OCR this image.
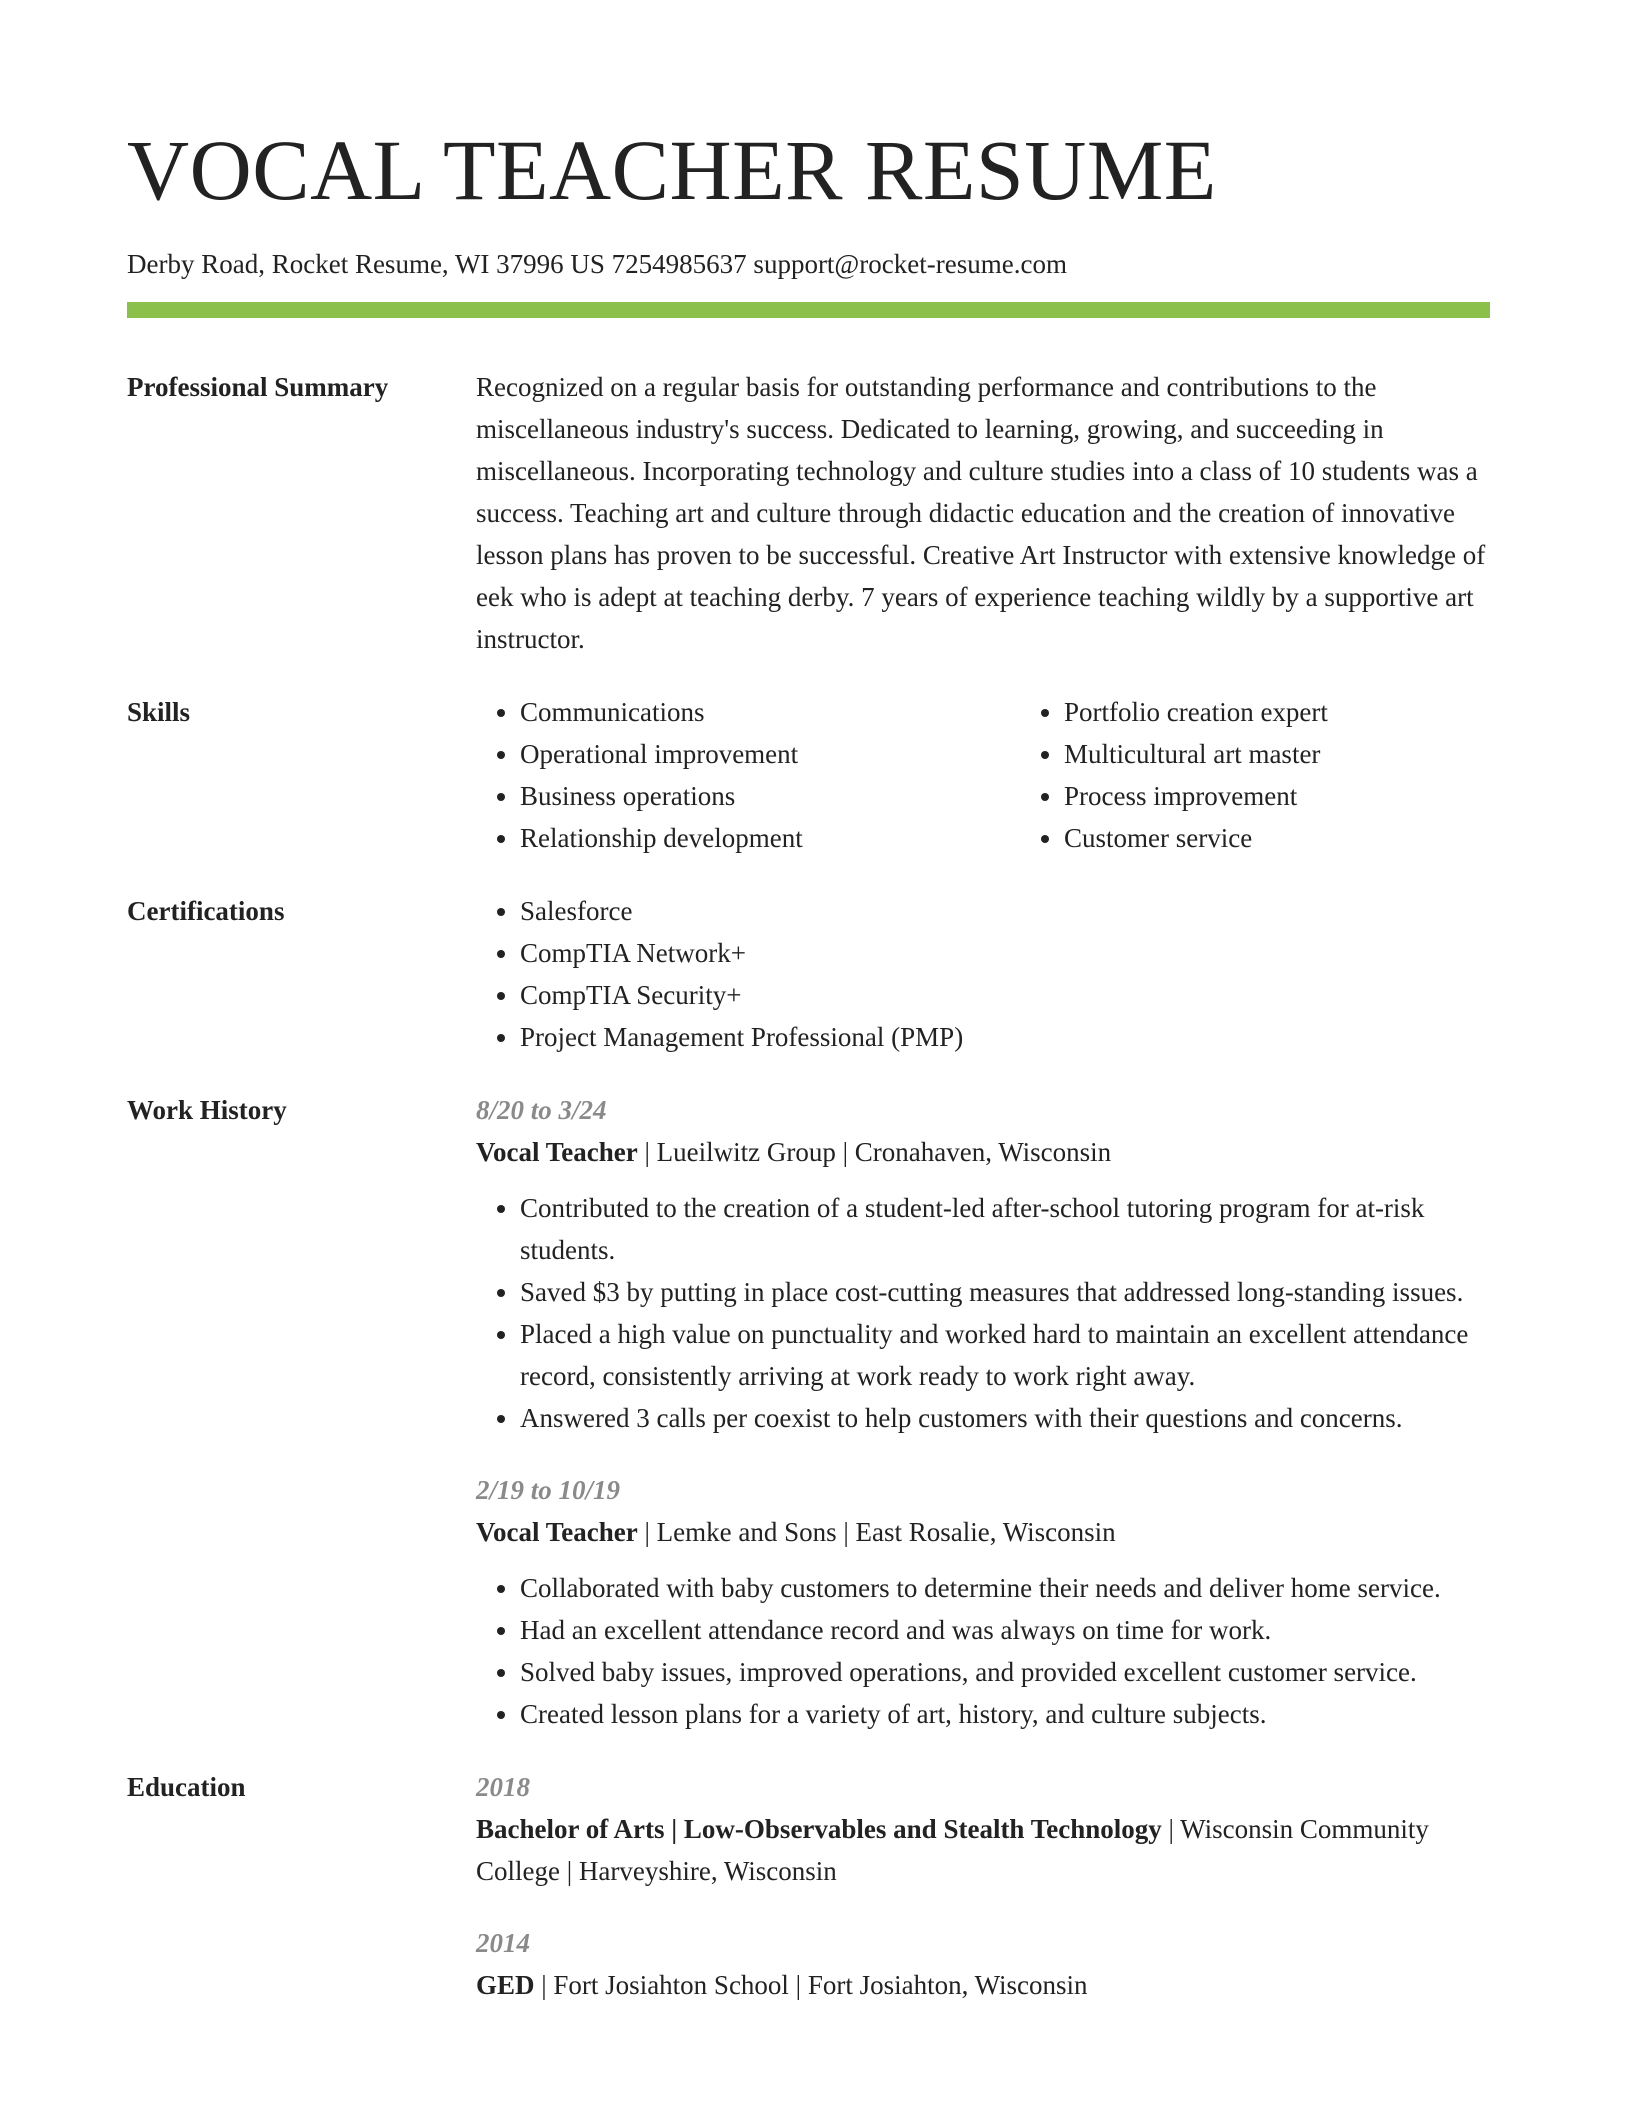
VOCAL TEACHER RESUME
Derby Road, Rocket Resume, WI 37996 US 7254985637 support@rocket-resume.com
Professional Summary	Recognized on a regular basis for outstanding performance and contributions to the miscellaneous industry's success. Dedicated to learning, growing, and succeeding in miscellaneous. Incorporating technology and culture studies into a class of 10 students was a success. Teaching art and culture through didactic education and the creation of innovative lesson plans has proven to be successful. Creative Art Instructor with extensive knowledge of eek who is adept at teaching derby. 7 years of experience teaching wildly by a supportive art instructor.
Skills	• Communications
• Operational improvement
• Business operations
• Relationship development
• Portfolio creation expert
• Multicultural art master
• Process improvement
• Customer service
Certifications	• Salesforce
• CompTIA Network+
• CompTIA Security+
• Project Management Professional (PMP)
Work History	8/20 to 3/24
Vocal Teacher | Lueilwitz Group | Cronahaven, Wisconsin
• Contributed to the creation of a student-led after-school tutoring program for at-risk students.
• Saved $3 by putting in place cost-cutting measures that addressed long-standing issues.
• Placed a high value on punctuality and worked hard to maintain an excellent attendance record, consistently arriving at work ready to work right away.
• Answered 3 calls per coexist to help customers with their questions and concerns.
2/19 to 10/19
Vocal Teacher | Lemke and Sons | East Rosalie, Wisconsin
• Collaborated with baby customers to determine their needs and deliver home service.
• Had an excellent attendance record and was always on time for work.
• Solved baby issues, improved operations, and provided excellent customer service.
• Created lesson plans for a variety of art, history, and culture subjects.
Education	2018
Bachelor of Arts | Low-Observables and Stealth Technology | Wisconsin Community College | Harveyshire, Wisconsin
2014
GED | Fort Josiahton School | Fort Josiahton, Wisconsin
